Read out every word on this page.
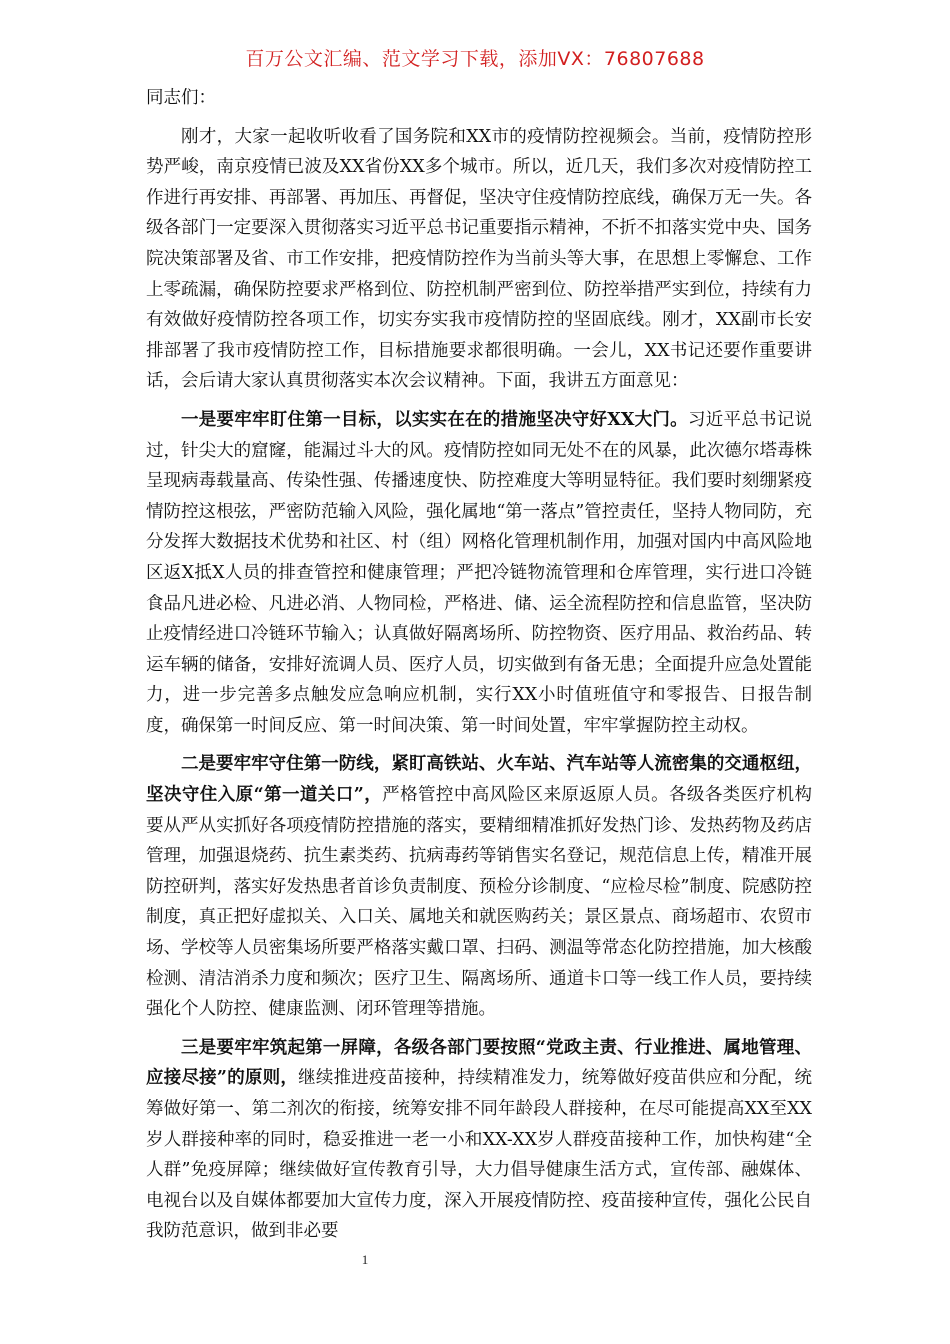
百万公文汇编、范文学习下载，添加VX：76807688
同志们：

刚才，大家一起收听收看了国务院和XX市的疫情防控视频会。当前，疫情防控形势严峻，南京疫情已波及XX省份XX多个城市。所以，近几天，我们多次对疫情防控工作进行再安排、再部署、再加压、再督促，坚决守住疫情防控底线，确保万无一失。各级各部门一定要深入贯彻落实习近平总书记重要指示精神，不折不扣落实党中央、国务院决策部署及省、市工作安排，把疫情防控作为当前头等大事，在思想上零懈怠、工作上零疏漏，确保防控要求严格到位、防控机制严密到位、防控举措严实到位，持续有力有效做好疫情防控各项工作，切实夯实我市疫情防控的坚固底线。刚才，XX副市长安排部署了我市疫情防控工作，目标措施要求都很明确。一会儿，XX书记还要作重要讲话，会后请大家认真贯彻落实本次会议精神。下面，我讲五方面意见：

一是要牢牢盯住第一目标，以实实在在的措施坚决守好XX大门。习近平总书记说过，针尖大的窟窿，能漏过斗大的风。疫情防控如同无处不在的风暴，此次德尔塔毒株呈现病毒载量高、传染性强、传播速度快、防控难度大等明显特征。我们要时刻绷紧疫情防控这根弦，严密防范输入风险，强化属地“第一落点”管控责任，坚持人物同防，充分发挥大数据技术优势和社区、村（组）网格化管理机制作用，加强对国内中高风险地区返X抵X人员的排查管控和健康管理；严把冷链物流管理和仓库管理，实行进口冷链食品凡进必检、凡进必消、人物同检，严格进、储、运全流程防控和信息监管，坚决防止疫情经进口冷链环节输入；认真做好隔离场所、防控物资、医疗用品、救治药品、转运车辆的储备，安排好流调人员、医疗人员，切实做到有备无患；全面提升应急处置能力，进一步完善多点触发应急响应机制，实行XX小时值班值守和零报告、日报告制度，确保第一时间反应、第一时间决策、第一时间处置，牢牢掌握防控主动权。

二是要牢牢守住第一防线，紧盯高铁站、火车站、汽车站等人流密集的交通枢纽，坚决守住入原“第一道关口”，严格管控中高风险区来原返原人员。各级各类医疗机构要从严从实抓好各项疫情防控措施的落实，要精细精准抓好发热门诊、发热药物及药店管理，加强退烧药、抗生素类药、抗病毒药等销售实名登记，规范信息上传，精准开展防控研判，落实好发热患者首诊负责制度、预检分诊制度、“应检尽检”制度、院感防控制度，真正把好虚拟关、入口关、属地关和就医购药关；景区景点、商场超市、农贸市场、学校等人员密集场所要严格落实戴口罩、扫码、测温等常态化防控措施，加大核酸检测、清洁消杀力度和频次；医疗卫生、隔离场所、通道卡口等一线工作人员，要持续强化个人防控、健康监测、闭环管理等措施。

三是要牢牢筑起第一屏障，各级各部门要按照“党政主责、行业推进、属地管理、应接尽接”的原则，继续推进疫苗接种，持续精准发力，统筹做好疫苗供应和分配，统筹做好第一、第二剂次的衔接，统筹安排不同年龄段人群接种，在尽可能提高XX至XX岁人群接种率的同时，稳妥推进一老一小和XX-XX岁人群疫苗接种工作，加快构建“全人群”免疫屏障；继续做好宣传教育引导，大力倡导健康生活方式，宣传部、融媒体、电视台以及自媒体都要加大宣传力度，深入开展疫情防控、疫苗接种宣传，强化公民自我防范意识，做到非必要

1
